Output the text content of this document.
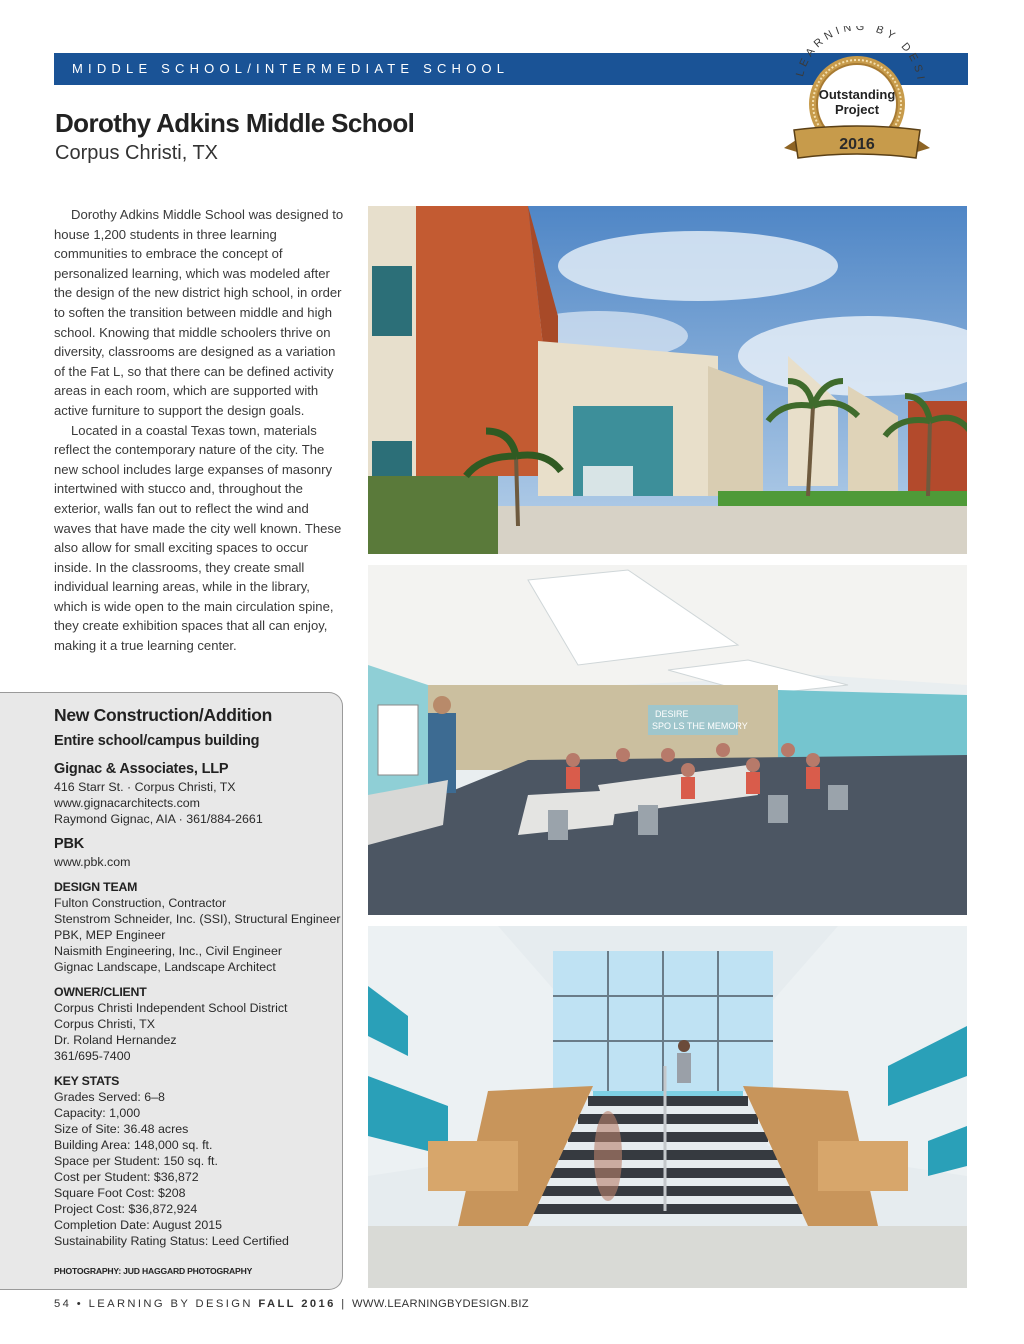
MIDDLE SCHOOL/INTERMEDIATE SCHOOL	LEARNING BY DESI
Outstanding
Project
2016
Dorothy Adkins Middle School
Corpus Christi, TX

Dorothy Adkins Middle School was designed to house 1,200 students in three learning communities to embrace the concept of personalized learning, which was modeled after the design of the new district high school, in order to soften the transition between middle and high school. Knowing that middle schoolers thrive on diversity, classrooms are designed as a variation of the Fat L, so that there can be defined activity areas in each room, which are supported with active furniture to support the design goals.

Located in a coastal Texas town, materials reflect the contemporary nature of the city. The new school includes large expanses of masonry intertwined with stucco and, throughout the exterior, walls fan out to reflect the wind and waves that have made the city well known. These also allow for small exciting spaces to occur inside. In the classrooms, they create small individual learning areas, while in the library, which is wide open to the main circulation spine, they create exhibition spaces that all can enjoy, making it a true learning center.

New Construction/Addition
Entire school/campus building
Gignac & Associates, LLP
416 Starr St. · Corpus Christi, TX
www.gignacarchitects.com
Raymond Gignac, AIA · 361/884-2661
PBK
www.pbk.com
DESIGN TEAM
Fulton Construction, Contractor
Stenstrom Schneider, Inc. (SSI), Structural Engineer
PBK, MEP Engineer
Naismith Engineering, Inc., Civil Engineer
Gignac Landscape, Landscape Architect
OWNER/CLIENT
Corpus Christi Independent School District
Corpus Christi, TX
Dr. Roland Hernandez
361/695-7400
KEY STATS
Grades Served: 6–8
Capacity: 1,000
Size of Site: 36.48 acres
Building Area: 148,000 sq. ft.
Space per Student: 150 sq. ft.
Cost per Student: $36,872
Square Foot Cost: $208
Project Cost: $36,872,924
Completion Date: August 2015
Sustainability Rating Status: Leed Certified
PHOTOGRAPHY: JUD HAGGARD PHOTOGRAPHY
DESIRE
SPO LS THE MEMORY
54 • LEARNING BY DESIGN FALL 2016 | WWW.LEARNINGBYDESIGN.BIZ
